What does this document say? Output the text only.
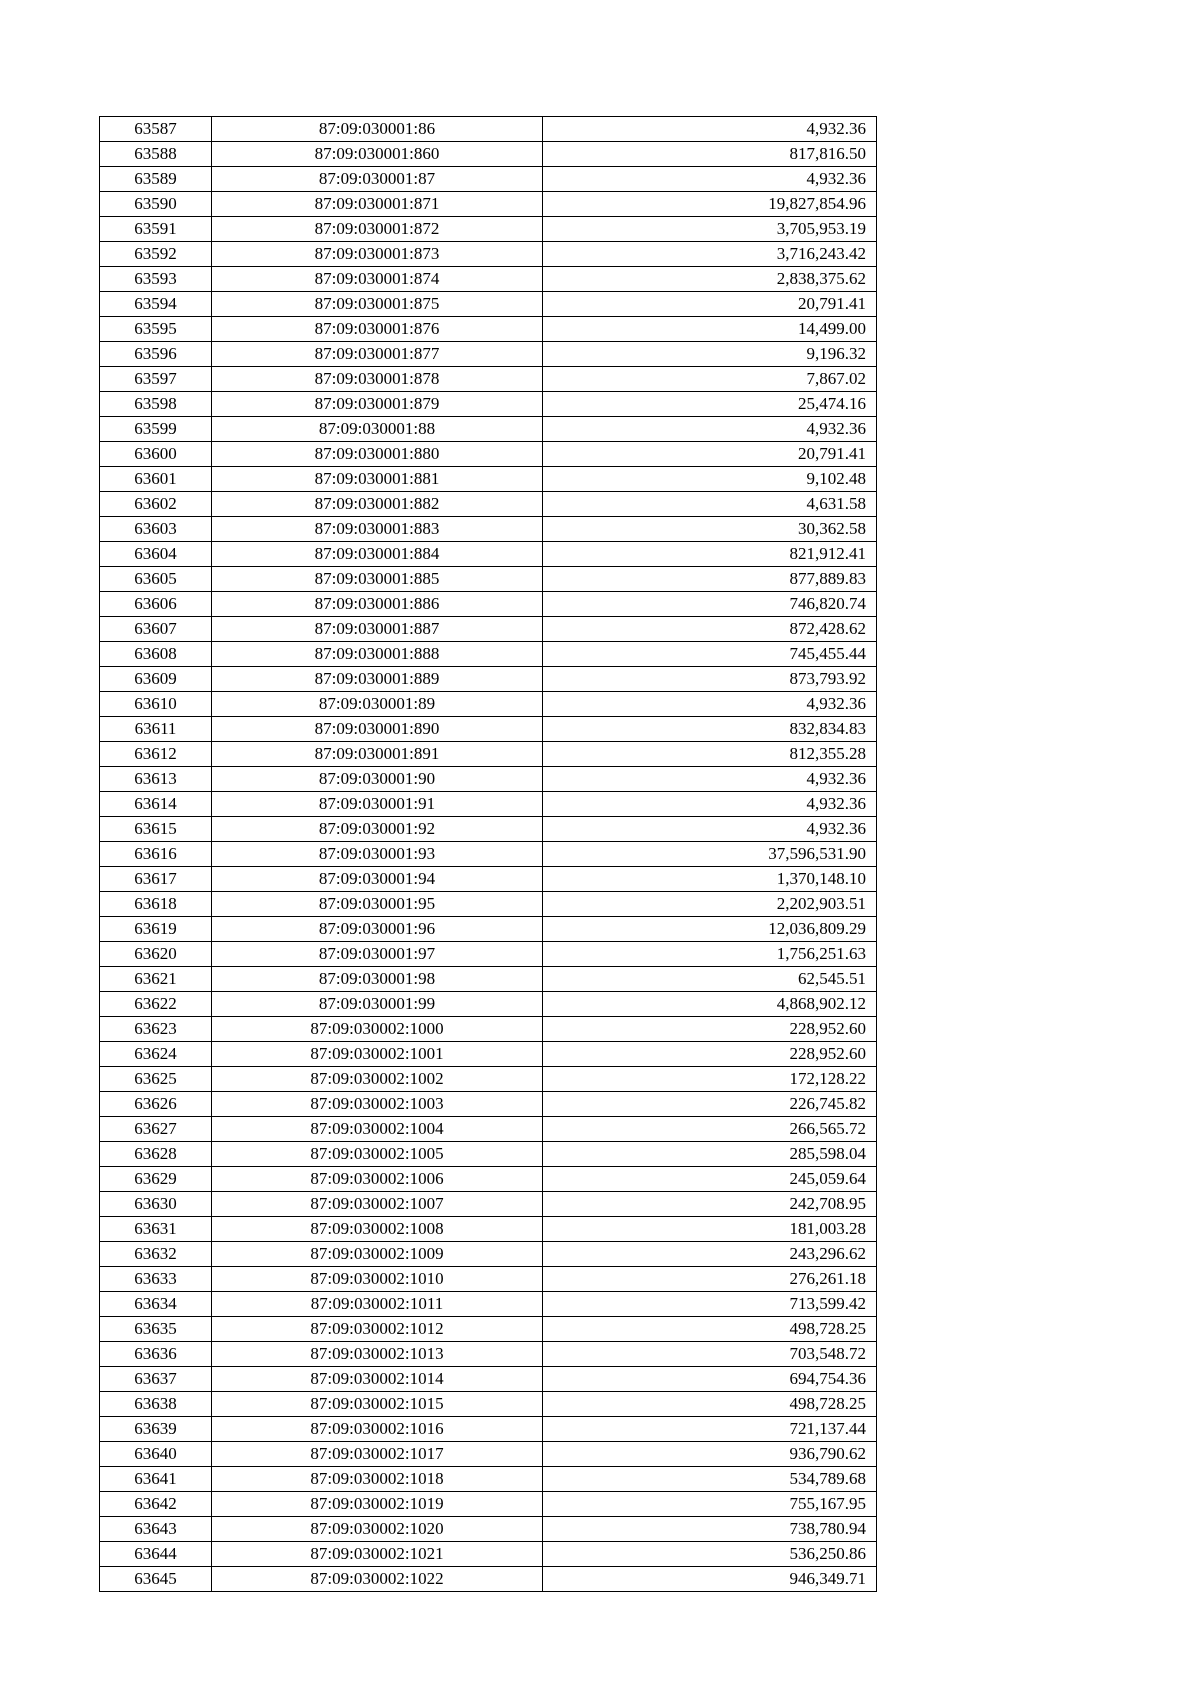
63587	87:09:030001:86	4,932.36
63588	87:09:030001:860	817,816.50
63589	87:09:030001:87	4,932.36
63590	87:09:030001:871	19,827,854.96
63591	87:09:030001:872	3,705,953.19
63592	87:09:030001:873	3,716,243.42
63593	87:09:030001:874	2,838,375.62
63594	87:09:030001:875	20,791.41
63595	87:09:030001:876	14,499.00
63596	87:09:030001:877	9,196.32
63597	87:09:030001:878	7,867.02
63598	87:09:030001:879	25,474.16
63599	87:09:030001:88	4,932.36
63600	87:09:030001:880	20,791.41
63601	87:09:030001:881	9,102.48
63602	87:09:030001:882	4,631.58
63603	87:09:030001:883	30,362.58
63604	87:09:030001:884	821,912.41
63605	87:09:030001:885	877,889.83
63606	87:09:030001:886	746,820.74
63607	87:09:030001:887	872,428.62
63608	87:09:030001:888	745,455.44
63609	87:09:030001:889	873,793.92
63610	87:09:030001:89	4,932.36
63611	87:09:030001:890	832,834.83
63612	87:09:030001:891	812,355.28
63613	87:09:030001:90	4,932.36
63614	87:09:030001:91	4,932.36
63615	87:09:030001:92	4,932.36
63616	87:09:030001:93	37,596,531.90
63617	87:09:030001:94	1,370,148.10
63618	87:09:030001:95	2,202,903.51
63619	87:09:030001:96	12,036,809.29
63620	87:09:030001:97	1,756,251.63
63621	87:09:030001:98	62,545.51
63622	87:09:030001:99	4,868,902.12
63623	87:09:030002:1000	228,952.60
63624	87:09:030002:1001	228,952.60
63625	87:09:030002:1002	172,128.22
63626	87:09:030002:1003	226,745.82
63627	87:09:030002:1004	266,565.72
63628	87:09:030002:1005	285,598.04
63629	87:09:030002:1006	245,059.64
63630	87:09:030002:1007	242,708.95
63631	87:09:030002:1008	181,003.28
63632	87:09:030002:1009	243,296.62
63633	87:09:030002:1010	276,261.18
63634	87:09:030002:1011	713,599.42
63635	87:09:030002:1012	498,728.25
63636	87:09:030002:1013	703,548.72
63637	87:09:030002:1014	694,754.36
63638	87:09:030002:1015	498,728.25
63639	87:09:030002:1016	721,137.44
63640	87:09:030002:1017	936,790.62
63641	87:09:030002:1018	534,789.68
63642	87:09:030002:1019	755,167.95
63643	87:09:030002:1020	738,780.94
63644	87:09:030002:1021	536,250.86
63645	87:09:030002:1022	946,349.71
